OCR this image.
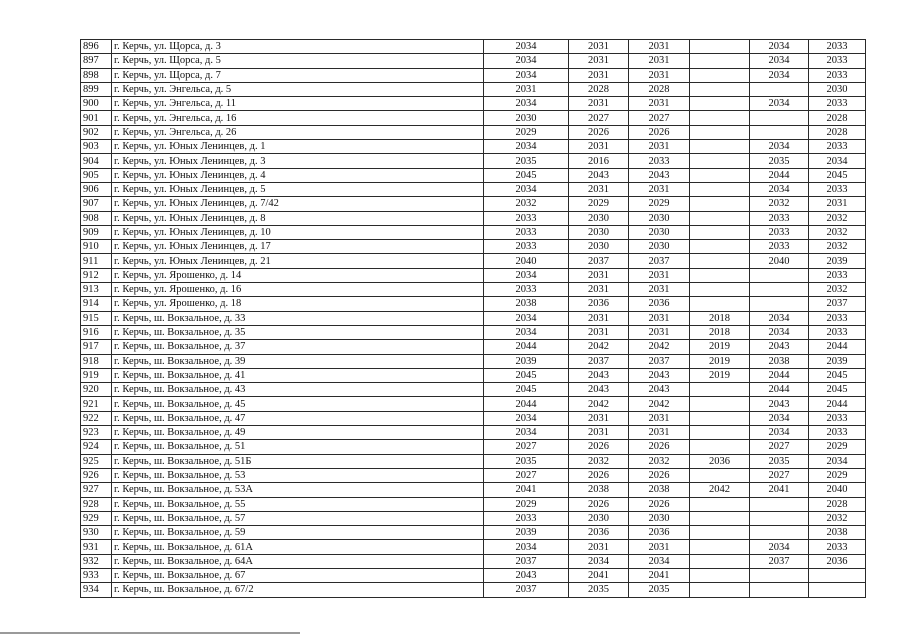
896	г. Керчь, ул. Щорса, д. 3	2034	2031	2031		2034	2033
897	г. Керчь, ул. Щорса, д. 5	2034	2031	2031		2034	2033
898	г. Керчь, ул. Щорса, д. 7	2034	2031	2031		2034	2033
899	г. Керчь, ул. Энгельса, д. 5	2031	2028	2028			2030
900	г. Керчь, ул. Энгельса, д. 11	2034	2031	2031		2034	2033
901	г. Керчь, ул. Энгельса, д. 16	2030	2027	2027			2028
902	г. Керчь, ул. Энгельса, д. 26	2029	2026	2026			2028
903	г. Керчь, ул. Юных Ленинцев, д. 1	2034	2031	2031		2034	2033
904	г. Керчь, ул. Юных Ленинцев, д. 3	2035	2016	2033		2035	2034
905	г. Керчь, ул. Юных Ленинцев, д. 4	2045	2043	2043		2044	2045
906	г. Керчь, ул. Юных Ленинцев, д. 5	2034	2031	2031		2034	2033
907	г. Керчь, ул. Юных Ленинцев, д. 7/42	2032	2029	2029		2032	2031
908	г. Керчь, ул. Юных Ленинцев, д. 8	2033	2030	2030		2033	2032
909	г. Керчь, ул. Юных Ленинцев, д. 10	2033	2030	2030		2033	2032
910	г. Керчь, ул. Юных Ленинцев, д. 17	2033	2030	2030		2033	2032
911	г. Керчь, ул. Юных Ленинцев, д. 21	2040	2037	2037		2040	2039
912	г. Керчь, ул. Ярошенко, д. 14	2034	2031	2031			2033
913	г. Керчь, ул. Ярошенко, д. 16	2033	2031	2031			2032
914	г. Керчь, ул. Ярошенко, д. 18	2038	2036	2036			2037
915	г. Керчь, ш. Вокзальное, д. 33	2034	2031	2031	2018	2034	2033
916	г. Керчь, ш. Вокзальное, д. 35	2034	2031	2031	2018	2034	2033
917	г. Керчь, ш. Вокзальное, д. 37	2044	2042	2042	2019	2043	2044
918	г. Керчь, ш. Вокзальное, д. 39	2039	2037	2037	2019	2038	2039
919	г. Керчь, ш. Вокзальное, д. 41	2045	2043	2043	2019	2044	2045
920	г. Керчь, ш. Вокзальное, д. 43	2045	2043	2043		2044	2045
921	г. Керчь, ш. Вокзальное, д. 45	2044	2042	2042		2043	2044
922	г. Керчь, ш. Вокзальное, д. 47	2034	2031	2031		2034	2033
923	г. Керчь, ш. Вокзальное, д. 49	2034	2031	2031		2034	2033
924	г. Керчь, ш. Вокзальное, д. 51	2027	2026	2026		2027	2029
925	г. Керчь, ш. Вокзальное, д. 51Б	2035	2032	2032	2036	2035	2034
926	г. Керчь, ш. Вокзальное, д. 53	2027	2026	2026		2027	2029
927	г. Керчь, ш. Вокзальное, д. 53А	2041	2038	2038	2042	2041	2040
928	г. Керчь, ш. Вокзальное, д. 55	2029	2026	2026			2028
929	г. Керчь, ш. Вокзальное, д. 57	2033	2030	2030			2032
930	г. Керчь, ш. Вокзальное, д. 59	2039	2036	2036			2038
931	г. Керчь, ш. Вокзальное, д. 61А	2034	2031	2031		2034	2033
932	г. Керчь, ш. Вокзальное, д. 64А	2037	2034	2034		2037	2036
933	г. Керчь, ш. Вокзальное, д. 67	2043	2041	2041			
934	г. Керчь, ш. Вокзальное, д. 67/2	2037	2035	2035			
